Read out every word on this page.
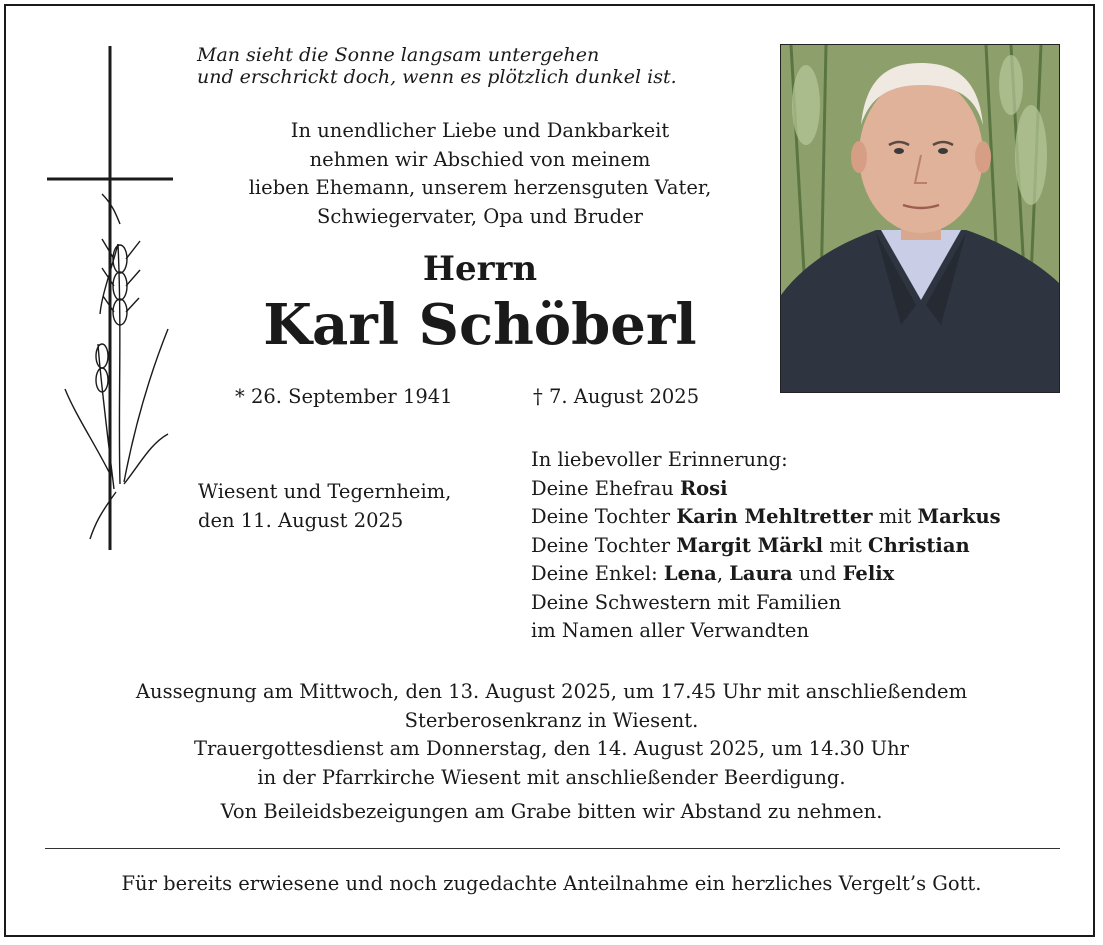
Man sieht die Sonne langsam untergehen
und erschrickt doch, wenn es plötzlich dunkel ist.
In unendlicher Liebe und Dankbarkeit
nehmen wir Abschied von meinem
lieben Ehemann, unserem herzensguten Vater,
Schwiegervater, Opa und Bruder
Herrn
Karl Schöberl
* 26. September 1941	† 7. August 2025
Wiesent und Tegernheim,
den 11. August 2025
In liebevoller Erinnerung:
Deine Ehefrau Rosi
Deine Tochter Karin Mehltretter mit Markus
Deine Tochter Margit Märkl mit Christian
Deine Enkel: Lena, Laura und Felix
Deine Schwestern mit Familien
im Namen aller Verwandten
Aussegnung am Mittwoch, den 13. August 2025, um 17.45 Uhr mit anschließendem
Sterberosenkranz in Wiesent.
Trauergottesdienst am Donnerstag, den 14. August 2025, um 14.30 Uhr
in der Pfarrkirche Wiesent mit anschließender Beerdigung.
Von Beileidsbezeigungen am Grabe bitten wir Abstand zu nehmen.
Für bereits erwiesene und noch zugedachte Anteilnahme ein herzliches Vergelt’s Gott.
